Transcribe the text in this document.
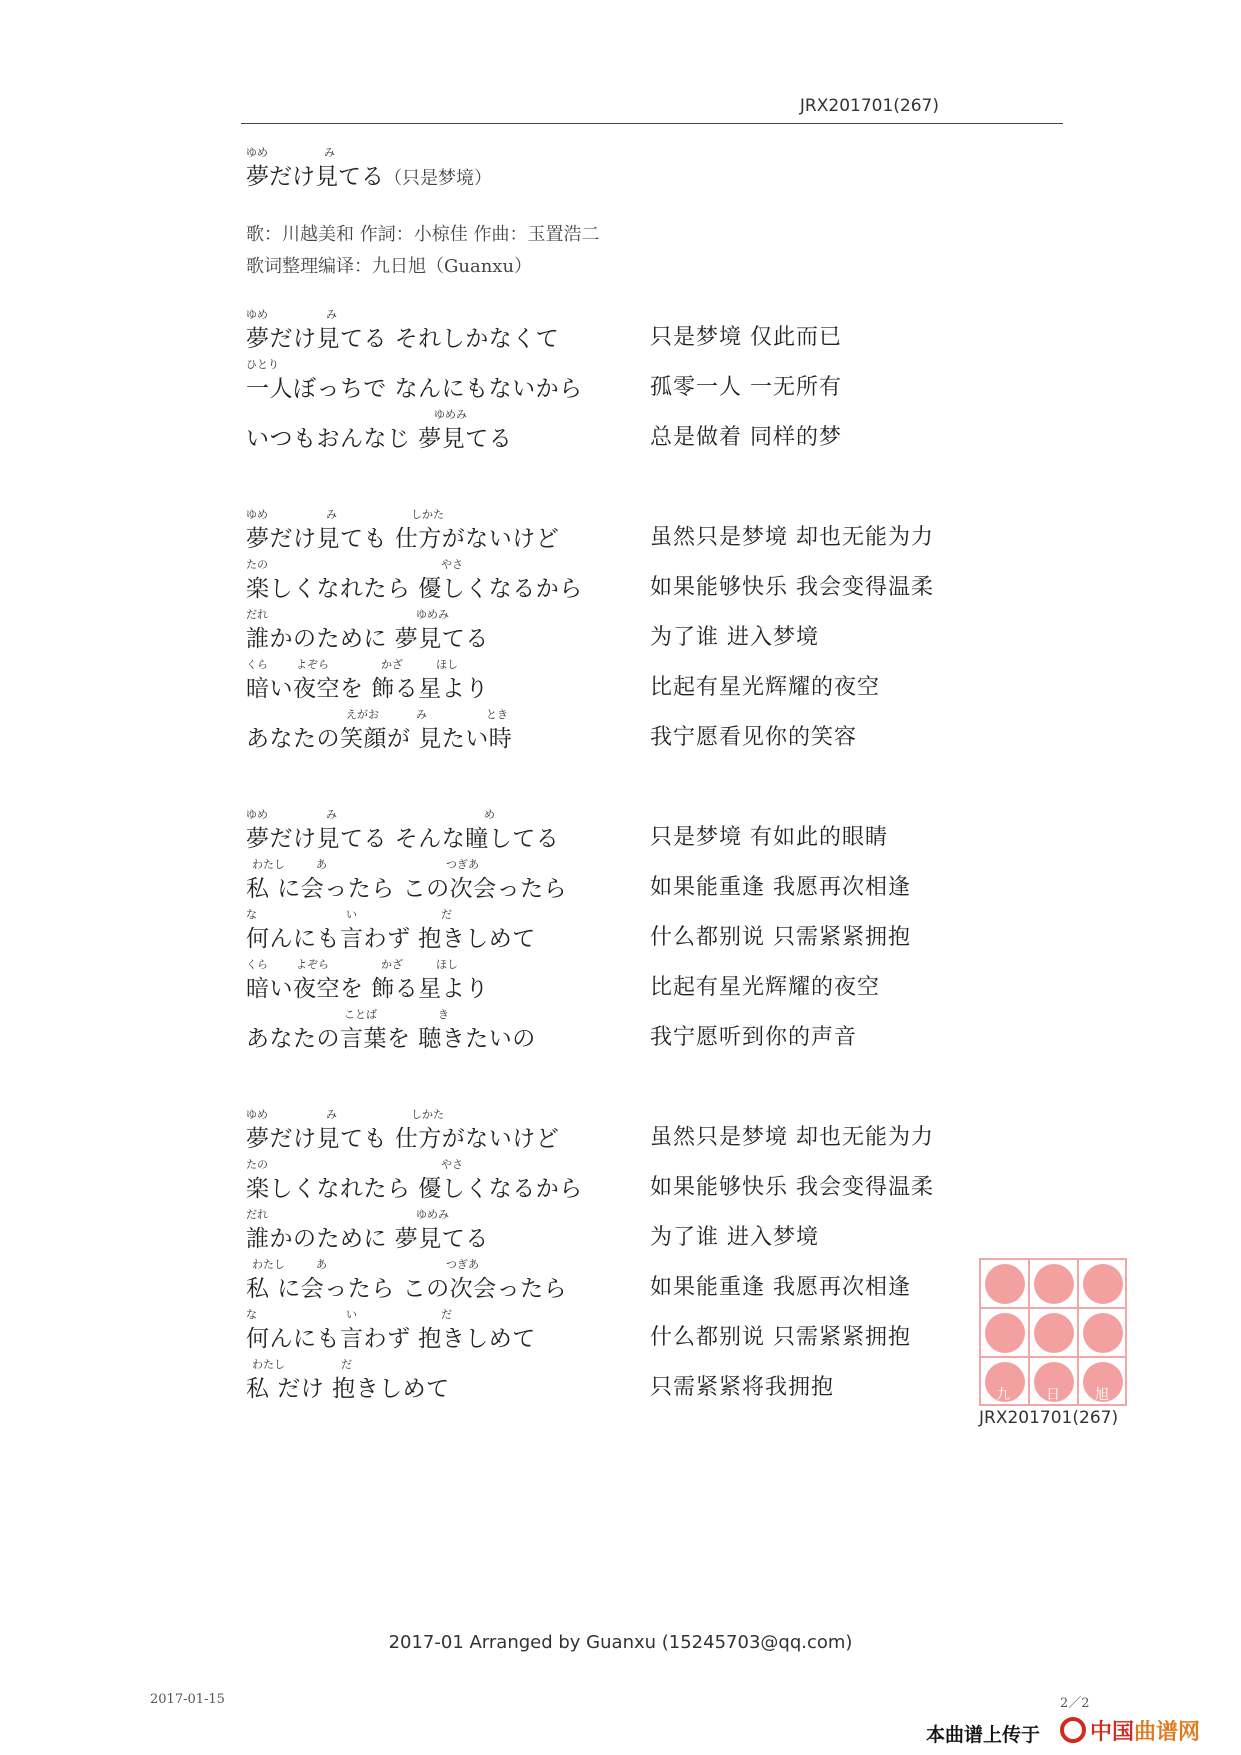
JRX201701(267)
ゆめ	み
夢だけ見てる（只是梦境）
歌：川越美和 作詞：小椋佳 作曲：玉置浩二
歌词整理编译：九日旭（Guanxu）
ゆめ	み
夢だけ見てる それしかなくて	只是梦境 仅此而已
ひとり
一人ぼっちで なんにもないから	孤零一人 一无所有
ゆめみ
いつもおんなじ 夢見てる	总是做着 同样的梦
ゆめ	み	しかた
夢だけ見ても 仕方がないけど	虽然只是梦境 却也无能为力
たの	やさ
楽しくなれたら 優しくなるから	如果能够快乐 我会变得温柔
だれ	ゆめみ
誰かのために 夢見てる	为了谁 进入梦境
くら	よぞら	かざ	ほし
暗い夜空を 飾る星より	比起有星光辉耀的夜空
えがお	み	とき
あなたの笑顔が 見たい時	我宁愿看见你的笑容
ゆめ	み	め
夢だけ見てる そんな瞳してる	只是梦境 有如此的眼睛
わたし	あ	つぎあ
私 に会ったら この次会ったら	如果能重逢 我愿再次相逢
な	い	だ
何んにも言わず 抱きしめて	什么都别说 只需紧紧拥抱
くら	よぞら	かざ	ほし
暗い夜空を 飾る星より	比起有星光辉耀的夜空
ことば	き
あなたの言葉を 聴きたいの	我宁愿听到你的声音
ゆめ	み	しかた
夢だけ見ても 仕方がないけど	虽然只是梦境 却也无能为力
たの	やさ
楽しくなれたら 優しくなるから	如果能够快乐 我会变得温柔
だれ	ゆめみ
誰かのために 夢見てる	为了谁 进入梦境
わたし	あ	つぎあ
私 に会ったら この次会ったら	如果能重逢 我愿再次相逢
な	い	だ
何んにも言わず 抱きしめて	什么都别说 只需紧紧拥抱
わたし	だ
私 だけ 抱きしめて	只需紧紧将我拥抱	九	日	旭
JRX201701(267)
2017-01 Arranged by Guanxu (15245703@qq.com)
2017-01-15	2／2
本曲谱上传于 中国 曲谱网
